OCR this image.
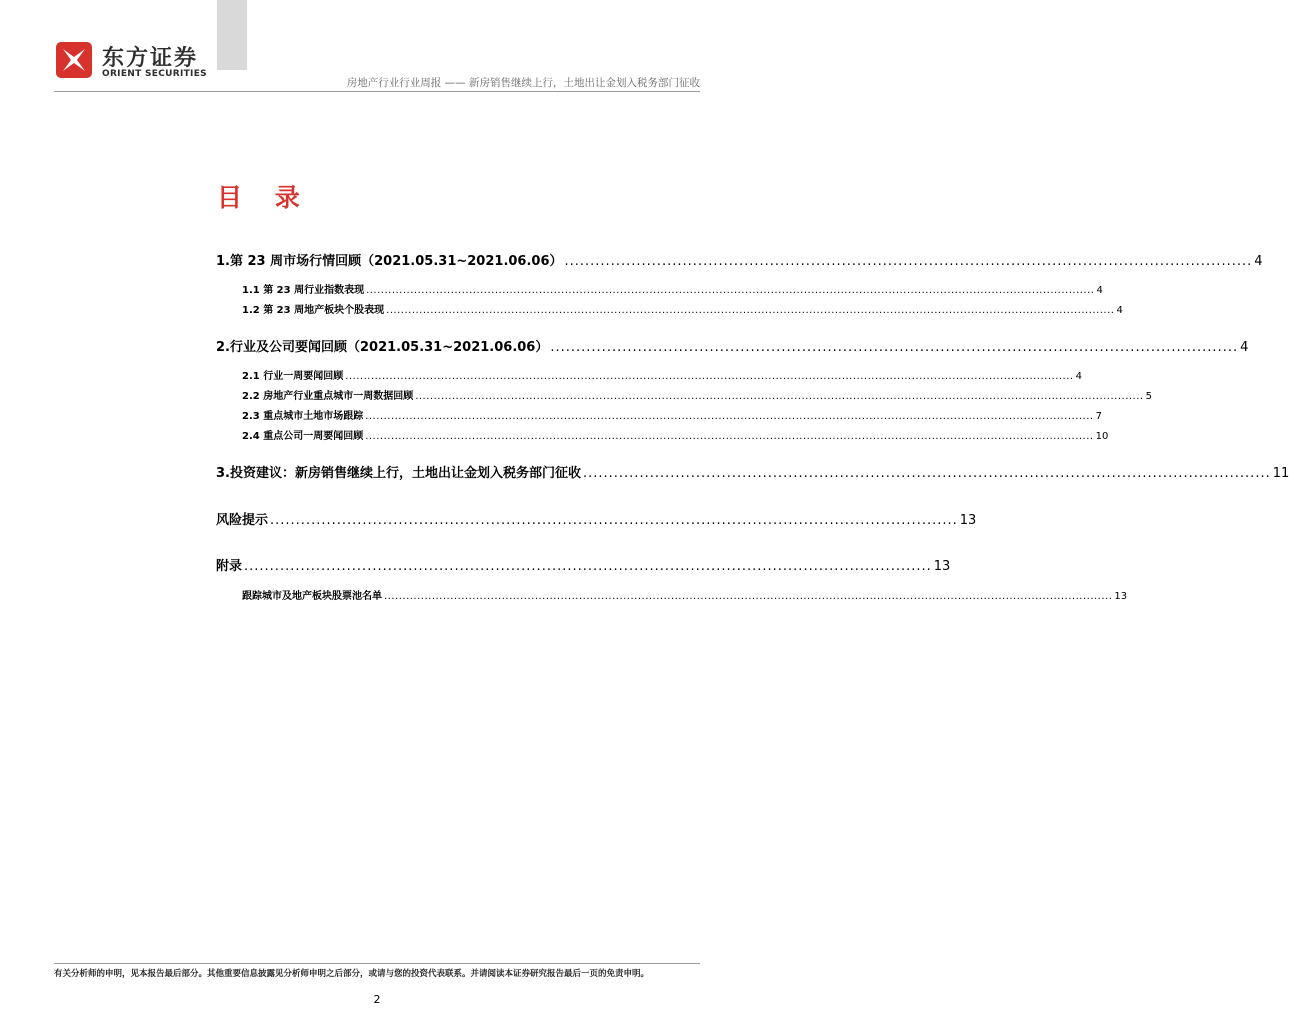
东方证券
ORIENT SECURITIES
房地产行业行业周报 —— 新房销售继续上行，土地出让金划入税务部门征收
目 录
1.第 23 周市场行情回顾（2021.05.31~2021.06.06） ...................................................................................................................................... 4
1.1 第 23 周行业指数表现 ...................................................................................................................................................................................................... 4
1.2 第 23 周地产板块个股表现 ...................................................................................................................................................................................................... 4
2.行业及公司要闻回顾（2021.05.31~2021.06.06） ...................................................................................................................................... 4
2.1 行业一周要闻回顾 ...................................................................................................................................................................................................... 4
2.2 房地产行业重点城市一周数据回顾 ...................................................................................................................................................................................................... 5
2.3 重点城市土地市场跟踪 ...................................................................................................................................................................................................... 7
2.4 重点公司一周要闻回顾 ...................................................................................................................................................................................................... 10
3.投资建议：新房销售继续上行，土地出让金划入税务部门征收 ...................................................................................................................................... 11
风险提示 ...................................................................................................................................... 13
附录 ...................................................................................................................................... 13
跟踪城市及地产板块股票池名单 ...................................................................................................................................................................................................... 13
有关分析师的申明，见本报告最后部分。其他重要信息披露见分析师申明之后部分，或请与您的投资代表联系。并请阅读本证券研究报告最后一页的免责申明。
2
